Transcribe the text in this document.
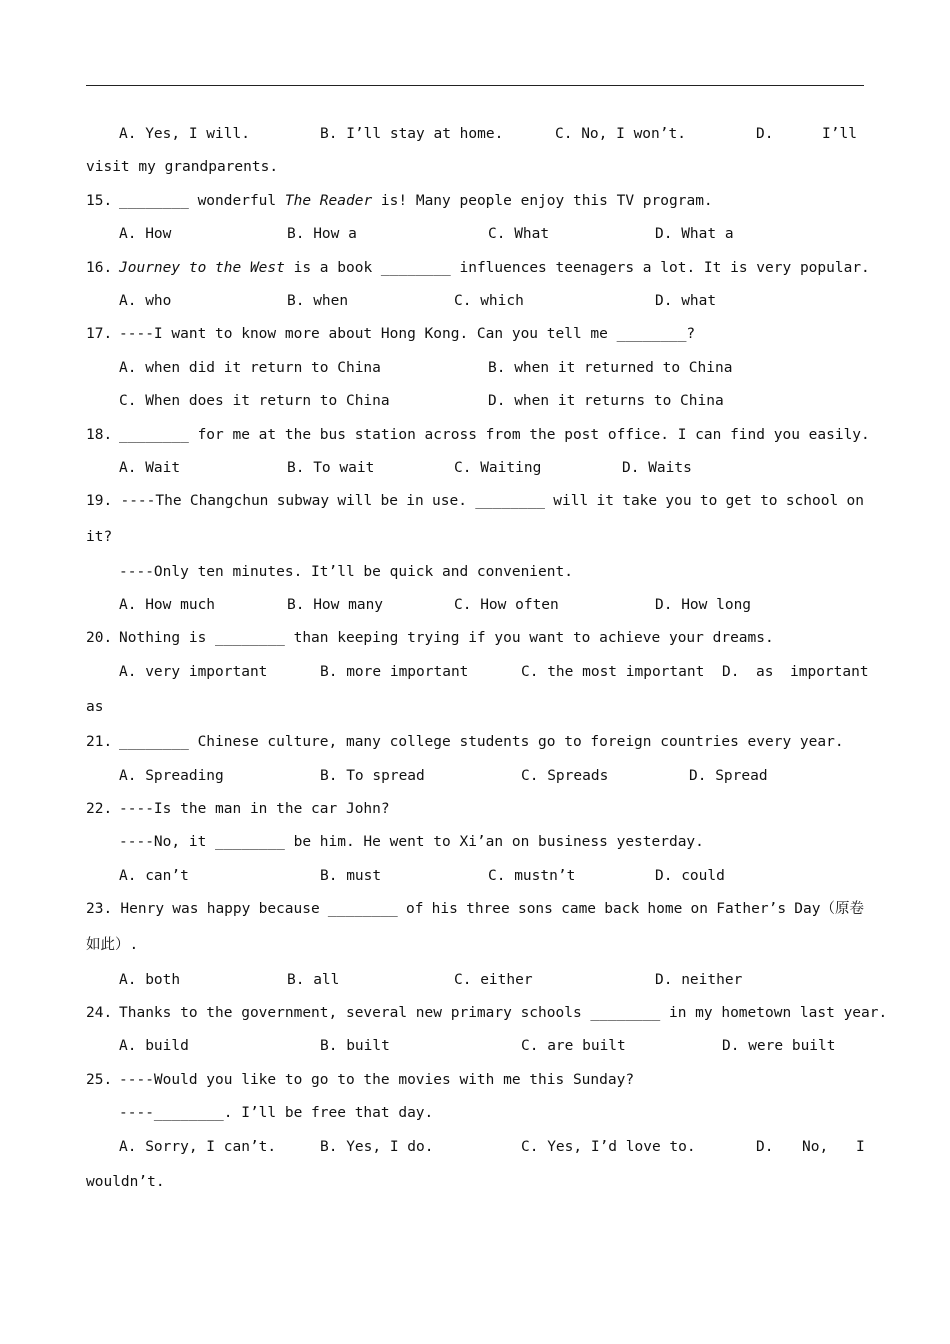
A. Yes, I will.	B. I’ll stay at home.	C. No, I won’t.	D.	I’ll
visit my grandparents.
15. ________ wonderful The Reader is! Many people enjoy this TV program.
A. How	B. How a	C. What	D. What a
16. Journey to the West is a book ________ influences teenagers a lot. It is very popular.
A. who	B. when	C. which	D. what
17. ----I want to know more about Hong Kong. Can you tell me ________?
A. when did it return to China	B. when it returned to China
C. When does it return to China	D. when it returns to China
18. ________ for me at the bus station across from the post office. I can find you easily.
A. Wait	B. To wait	C. Waiting	D. Waits
19. ----The Changchun subway will be in use. ________ will it take you to get to school on
it?
----Only ten minutes. It’ll be quick and convenient.
A. How much	B. How many	C. How often	D. How long
20. Nothing is ________ than keeping trying if you want to achieve your dreams.
A. very important	B. more important	C. the most important D. as important
as
21. ________ Chinese culture, many college students go to foreign countries every year.
A. Spreading	B. To spread	C. Spreads	D. Spread
22. ----Is the man in the car John?
----No, it ________ be him. He went to Xi’an on business yesterday.
A. can’t	B. must	C. mustn’t	D. could
23. Henry was happy because ________ of his three sons came back home on Father’s Day（原卷
如此）.
A. both	B. all	C. either	D. neither
24. Thanks to the government, several new primary schools ________ in my hometown last year.
A. build	B. built	C. are built	D. were built
25. ----Would you like to go to the movies with me this Sunday?
----________. I’ll be free that day.
A. Sorry, I can’t.	B. Yes, I do.	C. Yes, I’d love to.	D. No, I
wouldn’t.
